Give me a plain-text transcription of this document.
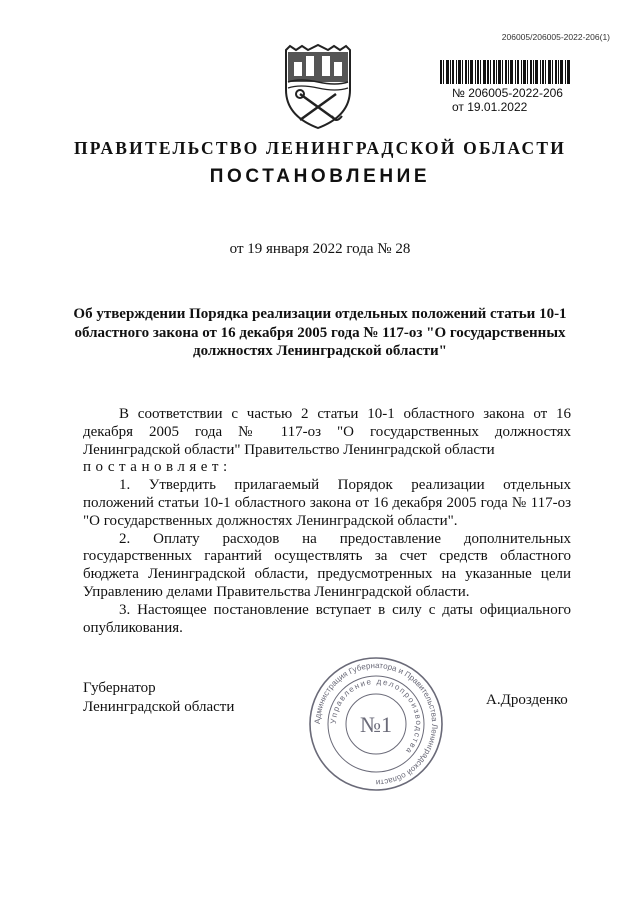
206005/206005-2022-206(1)
№ 206005-2022-206
от 19.01.2022
ПРАВИТЕЛЬСТВО ЛЕНИНГРАДСКОЙ ОБЛАСТИ
ПОСТАНОВЛЕНИЕ
от 19 января 2022 года № 28
Об утверждении Порядка реализации отдельных положений статьи 10-1 областного закона от 16 декабря 2005 года № 117-оз "О государственных должностях Ленинградской области"

В соответствии с частью 2 статьи 10-1 областного закона от 16 декабря 2005 года № 117-оз "О государственных должностях Ленинградской области" Правительство Ленинградской области

постановляет:

1. Утвердить прилагаемый Порядок реализации отдельных положений статьи 10-1 областного закона от 16 декабря 2005 года № 117-оз "О государственных должностях Ленинградской области".

2. Оплату расходов на предоставление дополнительных государственных гарантий осуществлять за счет средств областного бюджета Ленинградской области, предусмотренных на указанные цели Управлению делами Правительства Ленинградской области.

3. Настоящее постановление вступает в силу с даты официального опубликования.

Губернатор
Ленинградской области
Администрация Губернатора и Правительства Ленинградской области
Управление делопроизводства
№1
А.Дрозденко
